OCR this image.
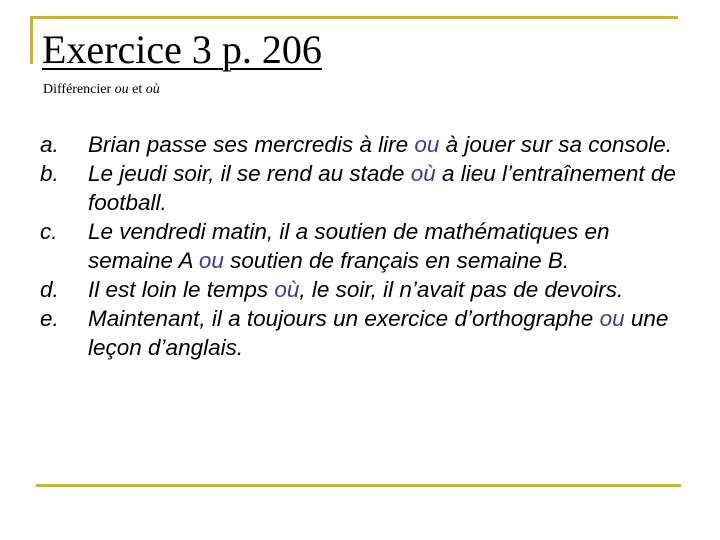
Exercice 3 p. 206
Différencier ou et où
a.	Brian passe ses mercredis à lire ou à jouer sur sa console.
b.	Le jeudi soir, il se rend au stade où a lieu l’entraînement de football.
c.	Le vendredi matin, il a soutien de mathématiques en semaine A ou soutien de français en semaine B.
d.	Il est loin le temps où, le soir, il n’avait pas de devoirs.
e.	Maintenant, il a toujours un exercice d’orthographe ou une leçon d’anglais.
